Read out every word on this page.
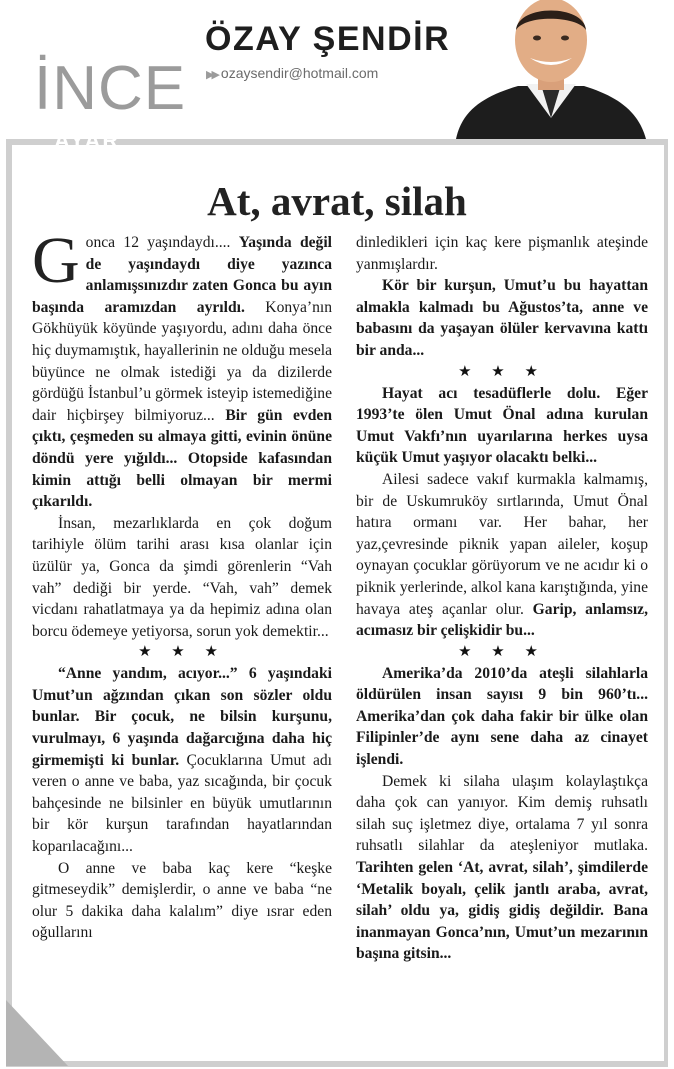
İNCE
ÖZAY ŞENDİR
▶▶ ozaysendir@hotmail.com
AYAR
At, avrat, silah

Gonca 12 yaşındaydı.... Yaşında değil de yaşındaydı diye yazınca anlamışsınızdır zaten Gonca bu ayın başında aramızdan ayrıldı. Konya’nın Gökhüyük köyünde yaşıyordu, adını daha önce hiç duymamıştık, hayallerinin ne olduğu mesela büyünce ne olmak istediği ya da dizilerde gördüğü İstanbul’u görmek isteyip istemediğine dair hiçbirşey bilmiyoruz... Bir gün evden çıktı, çeşmeden su almaya gitti, evinin önüne döndü yere yığıldı... Otopside kafasından kimin attığı belli olmayan bir mermi çıkarıldı.

İnsan, mezarlıklarda en çok doğum tarihiyle ölüm tarihi arası kısa olanlar için üzülür ya, Gonca da şimdi görenlerin “Vah vah” dediği bir yerde. “Vah, vah” demek vicdanı rahatlatmaya ya da hepimiz adına olan borcu ödemeye yetiyorsa, sorun yok demektir...

★ ★ ★

“Anne yandım, acıyor...” 6 yaşındaki Umut’un ağzından çıkan son sözler oldu bunlar. Bir çocuk, ne bilsin kurşunu, vurulmayı, 6 yaşında dağarcığına daha hiç girmemişti ki bunlar. Çocuklarına Umut adı veren o anne ve baba, yaz sıcağında, bir çocuk bahçesinde ne bilsinler en büyük umutlarının bir kör kurşun tarafından hayatlarından koparılacağını...

O anne ve baba kaç kere “keşke gitmeseydik” demişlerdir, o anne ve baba “ne olur 5 dakika daha kalalım” diye ısrar eden oğullarını

dinledikleri için kaç kere pişmanlık ateşinde yanmışlardır.

Kör bir kurşun, Umut’u bu hayattan almakla kalmadı bu Ağustos’ta, anne ve babasını da yaşayan ölüler kervavına kattı bir anda...

★ ★ ★

Hayat acı tesadüflerle dolu. Eğer 1993’te ölen Umut Önal adına kurulan Umut Vakfı’nın uyarılarına herkes uysa küçük Umut yaşıyor olacaktı belki...

Ailesi sadece vakıf kurmakla kalmamış, bir de Uskumruköy sırtlarında, Umut Önal hatıra ormanı var. Her bahar, her yaz,çevresinde piknik yapan aileler, koşup oynayan çocuklar görüyorum ve ne acıdır ki o piknik yerlerinde, alkol kana karıştığında, yine havaya ateş açanlar olur. Garip, anlamsız, acımasız bir çelişkidir bu...

★ ★ ★

Amerika’da 2010’da ateşli silahlarla öldürülen insan sayısı 9 bin 960’tı... Amerika’dan çok daha fakir bir ülke olan Filipinler’de aynı sene daha az cinayet işlendi.

Demek ki silaha ulaşım kolaylaştıkça daha çok can yanıyor. Kim demiş ruhsatlı silah suç işletmez diye, ortalama 7 yıl sonra ruhsatlı silahlar da ateşleniyor mutlaka. Tarihten gelen ‘At, avrat, silah’, şimdilerde ‘Metalik boyalı, çelik jantlı araba, avrat, silah’ oldu ya, gidiş gidiş değildir. Bana inanmayan Gonca’nın, Umut’un mezarının başına gitsin...
